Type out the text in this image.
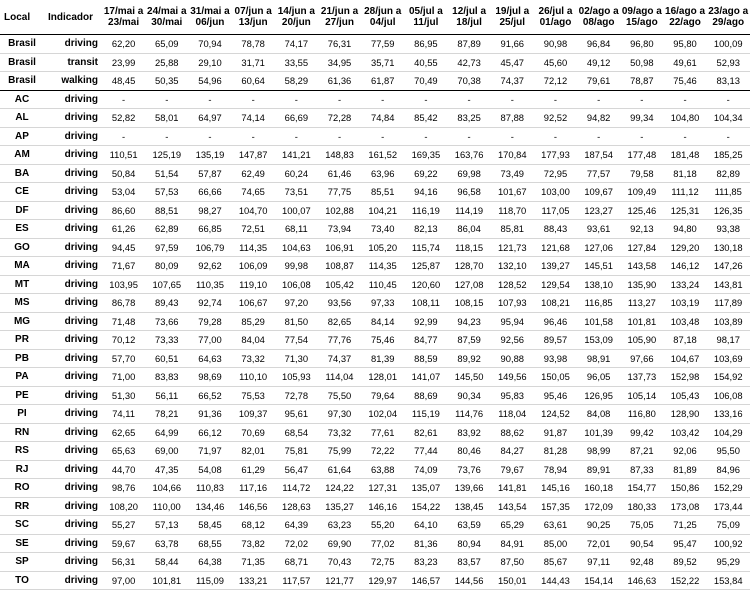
Local	Indicador	17/mai a 23/mai	24/mai a 30/mai	31/mai a 06/jun	07/jun a 13/jun	14/jun a 20/jun	21/jun a 27/jun	28/jun a 04/jul	05/jul a 11/jul	12/jul a 18/jul	19/jul a 25/jul	26/jul a 01/ago	02/ago a 08/ago	09/ago a 15/ago	16/ago a 22/ago	23/ago a 29/ago
Brasil	driving	62,20	65,09	70,94	78,78	74,17	76,31	77,59	86,95	87,89	91,66	90,98	96,84	96,80	95,80	100,09
Brasil	transit	23,99	25,88	29,10	31,71	33,55	34,95	35,71	40,55	42,73	45,47	45,60	49,12	50,98	49,61	52,93
Brasil	walking	48,45	50,35	54,96	60,64	58,29	61,36	61,87	70,49	70,38	74,37	72,12	79,61	78,87	75,46	83,13
AC	driving	-	-	-	-	-	-	-	-	-	-	-	-	-	-	-
AL	driving	52,82	58,01	64,97	74,14	66,69	72,28	74,84	85,42	83,25	87,88	92,52	94,82	99,34	104,80	104,34
AP	driving	-	-	-	-	-	-	-	-	-	-	-	-	-	-	-
AM	driving	110,51	125,19	135,19	147,87	141,21	148,83	161,52	169,35	163,76	170,84	177,93	187,54	177,48	181,48	185,25
BA	driving	50,84	51,54	57,87	62,49	60,24	61,46	63,96	69,22	69,98	73,49	72,95	77,57	79,58	81,18	82,89
CE	driving	53,04	57,53	66,66	74,65	73,51	77,75	85,51	94,16	96,58	101,67	103,00	109,67	109,49	111,12	111,85
DF	driving	86,60	88,51	98,27	104,70	100,07	102,88	104,21	116,19	114,19	118,70	117,05	123,27	125,46	125,31	126,35
ES	driving	61,26	62,89	66,85	72,51	68,11	73,94	73,40	82,13	86,04	85,81	88,43	93,61	92,13	94,80	93,38
GO	driving	94,45	97,59	106,79	114,35	104,63	106,91	105,20	115,74	118,15	121,73	121,68	127,06	127,84	129,20	130,18
MA	driving	71,67	80,09	92,62	106,09	99,98	108,87	114,35	125,87	128,70	132,10	139,27	145,51	143,58	146,12	147,26
MT	driving	103,95	107,65	110,35	119,10	106,08	105,42	110,45	120,60	127,08	128,52	129,54	138,10	135,90	133,24	143,81
MS	driving	86,78	89,43	92,74	106,67	97,20	93,56	97,33	108,11	108,15	107,93	108,21	116,85	113,27	103,19	117,89
MG	driving	71,48	73,66	79,28	85,29	81,50	82,65	84,14	92,99	94,23	95,94	96,46	101,58	101,81	103,48	103,89
PR	driving	70,12	73,33	77,00	84,04	77,54	77,76	75,46	84,77	87,59	92,56	89,57	153,09	105,90	87,18	98,17
PB	driving	57,70	60,51	64,63	73,32	71,30	74,37	81,39	88,59	89,92	90,88	93,98	98,91	97,66	104,67	103,69
PA	driving	71,00	83,83	98,69	110,10	105,93	114,04	128,01	141,07	145,50	149,56	150,05	96,05	137,73	152,98	154,92
PE	driving	51,30	56,11	66,52	75,53	72,78	75,50	79,64	88,69	90,34	95,83	95,46	126,95	105,14	105,43	106,08
PI	driving	74,11	78,21	91,36	109,37	95,61	97,30	102,04	115,19	114,76	118,04	124,52	84,08	116,80	128,90	133,16
RN	driving	62,65	64,99	66,12	70,69	68,54	73,32	77,61	82,61	83,92	88,62	91,87	101,39	99,42	103,42	104,29
RS	driving	65,63	69,00	71,97	82,01	75,81	75,99	72,22	77,44	80,46	84,27	81,28	98,99	87,21	92,06	95,50
RJ	driving	44,70	47,35	54,08	61,29	56,47	61,64	63,88	74,09	73,76	79,67	78,94	89,91	87,33	81,89	84,96
RO	driving	98,76	104,66	110,83	117,16	114,72	124,22	127,31	135,07	139,66	141,81	145,16	160,18	154,77	150,86	152,29
RR	driving	108,20	110,00	134,46	146,56	128,63	135,27	146,16	154,22	138,45	143,54	157,35	172,09	180,33	173,08	173,44
SC	driving	55,27	57,13	58,45	68,12	64,39	63,23	55,20	64,10	63,59	65,29	63,61	90,25	75,05	71,25	75,09
SE	driving	59,67	63,78	68,55	73,82	72,02	69,90	77,02	81,36	80,94	84,91	85,00	72,01	90,54	95,47	100,92
SP	driving	56,31	58,44	64,38	71,35	68,71	70,43	72,75	83,23	83,57	87,50	85,67	97,11	92,48	89,52	95,29
TO	driving	97,00	101,81	115,09	133,21	117,57	121,77	129,97	146,57	144,56	150,01	144,43	154,14	146,63	152,22	153,84
